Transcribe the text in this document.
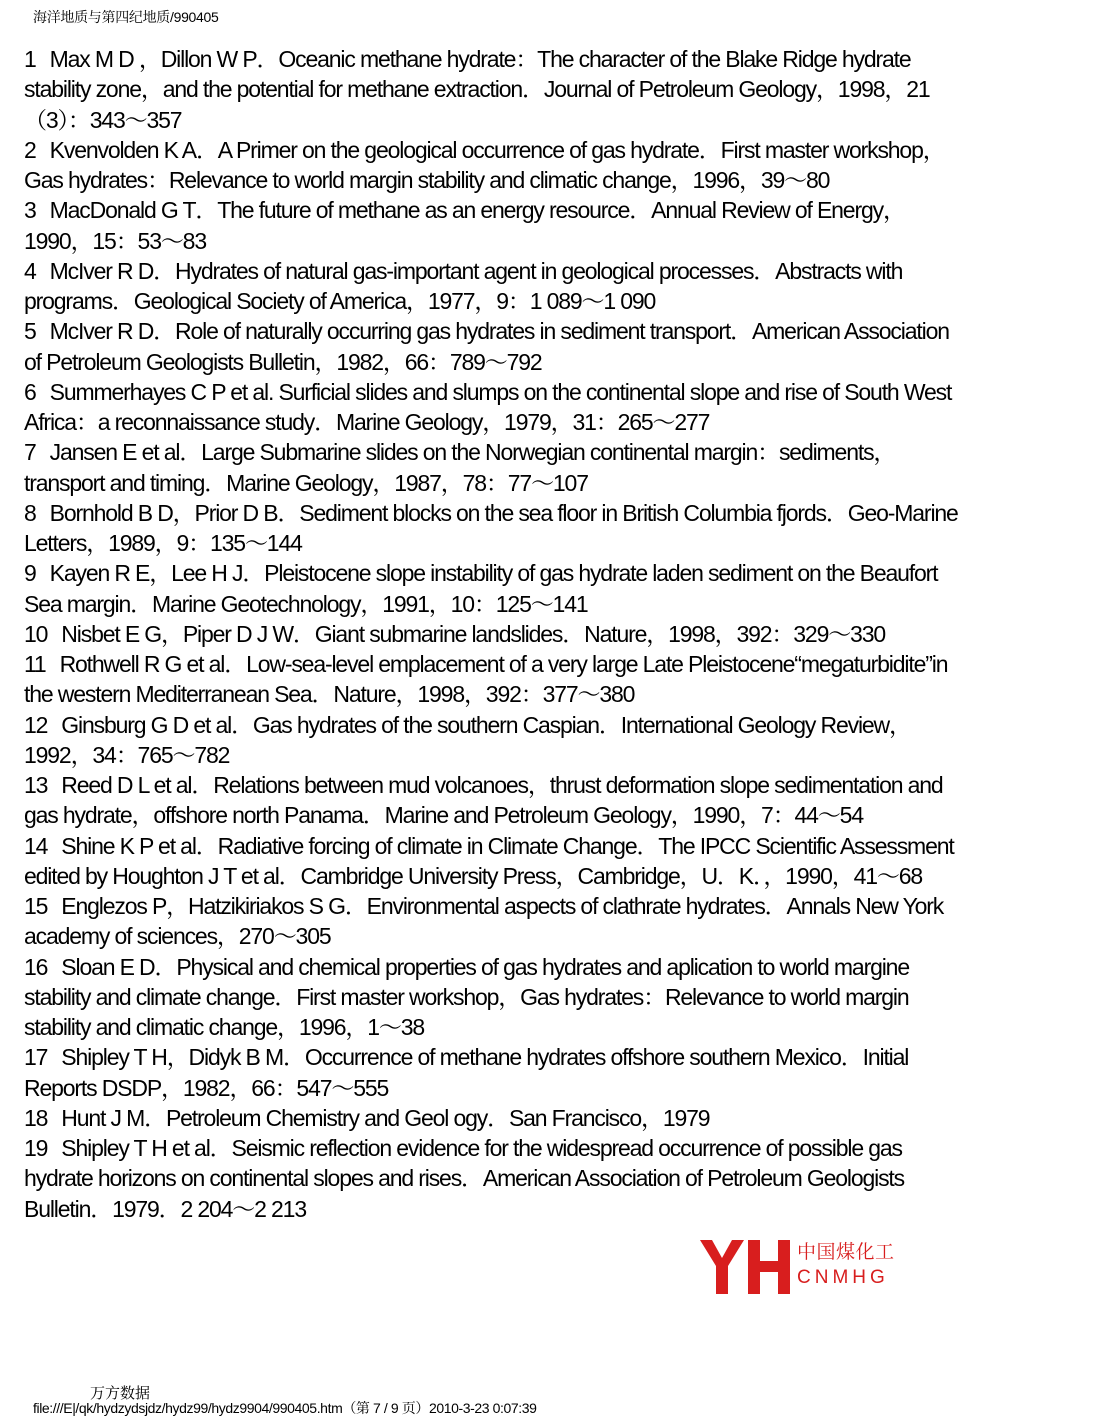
海洋地质与第四纪地质/990405
1 Max M D ，Dillon W P．Oceanic methane hydrate：The character of the Blake Ridge hydrate stability zone，and the potential for methane extraction．Journal of Petroleum Geology，1998，21（3）：343～357
2 Kvenvolden K A．A Primer on the geological occurrence of gas hydrate．First master workshop，Gas hydrates：Relevance to world margin stability and climatic change，1996，39～80
3 MacDonald G T．The future of methane as an energy resource．Annual Review of Energy，1990，15：53～83
4 McIver R D．Hydrates of natural gas-important agent in geological processes．Abstracts with programs．Geological Society of America，1977，9：1 089～1 090
5 McIver R D．Role of naturally occurring gas hydrates in sediment transport．American Association of Petroleum Geologists Bulletin，1982，66：789～792
6 Summerhayes C P et al. Surficial slides and slumps on the continental slope and rise of South West Africa：a reconnaissance study．Marine Geology，1979，31：265～277
7 Jansen E et al．Large Submarine slides on the Norwegian continental margin：sediments，transport and timing．Marine Geology，1987，78：77～107
8 Bornhold B D，Prior D B．Sediment blocks on the sea floor in British Columbia fjords．Geo-Marine Letters，1989，9：135～144
9 Kayen R E，Lee H J．Pleistocene slope instability of gas hydrate laden sediment on the Beaufort Sea margin．Marine Geotechnology，1991，10：125～141
10 Nisbet E G，Piper D J W．Giant submarine landslides．Nature，1998，392：329～330
11 Rothwell R G et al．Low-sea-level emplacement of a very large Late Pleistocene“megaturbidite”in the western Mediterranean Sea．Nature，1998，392：377～380
12 Ginsburg G D et al．Gas hydrates of the southern Caspian．International Geology Review，1992，34：765～782
13 Reed D L et al．Relations between mud volcanoes，thrust deformation slope sedimentation and gas hydrate，offshore north Panama．Marine and Petroleum Geology，1990，7：44～54
14 Shine K P et al．Radiative forcing of climate in Climate Change．The IPCC Scientific Assessment edited by Houghton J T et al．Cambridge University Press，Cambridge，U．K．，1990，41～68
15 Englezos P，Hatzikiriakos S G．Environmental aspects of clathrate hydrates．Annals New York academy of sciences，270～305
16 Sloan E D．Physical and chemical properties of gas hydrates and aplication to world margine stability and climate change．First master workshop，Gas hydrates：Relevance to world margin stability and climatic change，1996，1～38
17 Shipley T H，Didyk B M．Occurrence of methane hydrates offshore southern Mexico．Initial Reports DSDP，1982，66：547～555
18 Hunt J M．Petroleum Chemistry and Geol ogy．San Francisco，1979
19 Shipley T H et al．Seismic reflection evidence for the widespread occurrence of possible gas hydrate horizons on continental slopes and rises．American Association of Petroleum Geologists Bulletin．1979．2 204～2 213
中国煤化工
CNMHG
万方数据
file:///E|/qk/hydzydsjdz/hydz99/hydz9904/990405.htm（第 7 / 9 页）2010-3-23 0:07:39
